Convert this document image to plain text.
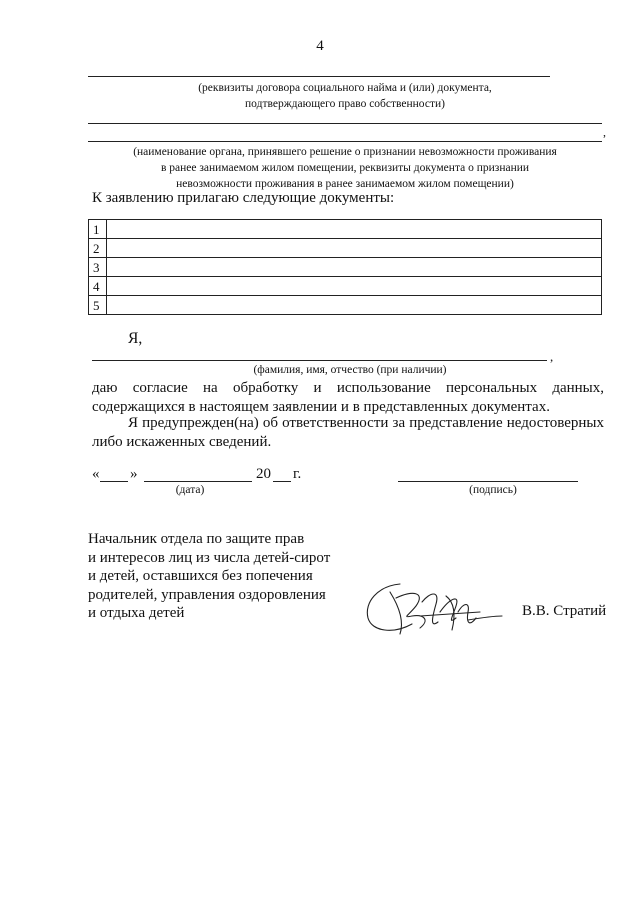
4
(реквизиты договора социального найма и (или) документа,
подтверждающего право собственности)
,
(наименование органа, принявшего решение о признании невозможности проживания
в ранее занимаемом жилом помещении, реквизиты документа о признании
невозможности проживания в ранее занимаемом жилом помещении)
К заявлению прилагаю следующие документы:
1	
2	
3	
4	
5	
Я,
,
(фамилия, имя, отчество (при наличии)
даю согласие на обработку и использование персональных данных, содержащихся в настоящем заявлении и в представленных документах.
Я предупрежден(на) об ответственности за представление недостоверных либо искаженных сведений.
« »	20 г.
(дата)	(подпись)
Начальник отдела по защите прав
и интересов лиц из числа детей-сирот
и детей, оставшихся без попечения
родителей, управления оздоровления
и отдыха детей	В.В. Стратий
